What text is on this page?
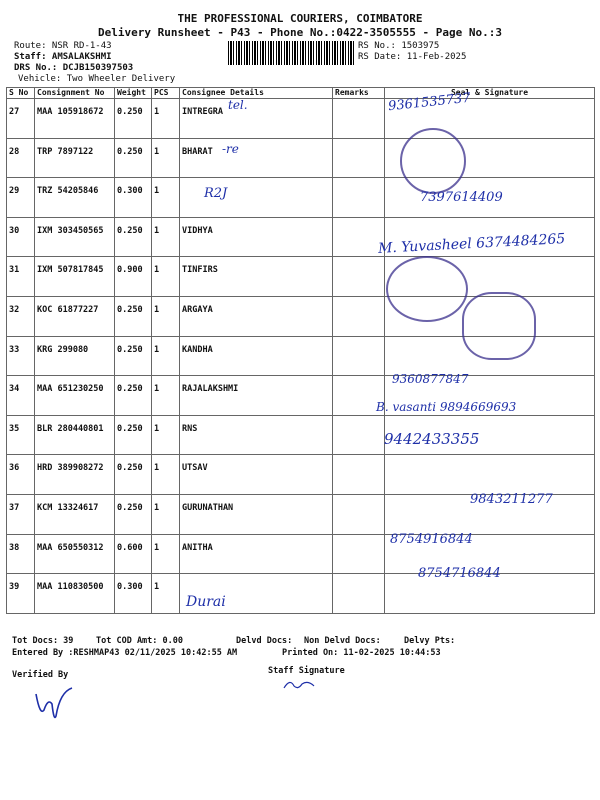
THE PROFESSIONAL COURIERS, COIMBATORE
Delivery Runsheet - P43 - Phone No.:0422-3505555 - Page No.:3
Route: NSR RD-1-43
Staff: AMSALAKSHMI
DRS No.: DCJB150397503
Vehicle: Two Wheeler Delivery
RS No.: 1503975
RS Date: 11-Feb-2025
S No	Consignment No	Weight	PCS	Consignee Details	Remarks	Seal & Signature
27	MAA 105918672	0.250	1	INTREGRA		
28	TRP 7897122	0.250	1	BHARAT		
29	TRZ 54205846	0.300	1			
30	IXM 303450565	0.250	1	VIDHYA		
31	IXM 507817845	0.900	1	TINFIRS		
32	KOC 61877227	0.250	1	ARGAYA		
33	KRG 299080	0.250	1	KANDHA		
34	MAA 651230250	0.250	1	RAJALAKSHMI		
35	BLR 280440801	0.250	1	RNS		
36	HRD 389908272	0.250	1	UTSAV		
37	KCM 13324617	0.250	1	GURUNATHAN		
38	MAA 650550312	0.600	1	ANITHA		
39	MAA 110830500	0.300	1			
tel.
-re
R2J
Durai
9361535737
7397614409
M. Yuvasheel 6374484265
9360877847
B. vasanti 9894669693
9442433355
9843211277
8754916844
8754716844
Tot Docs: 39	Tot COD Amt: 0.00	Delvd Docs: Non Delvd Docs:	Delvy Pts:
Entered By :RESHMAP43 02/11/2025 10:42:55 AM	Printed On: 11-02-2025 10:44:53
Verified By	Staff Signature
